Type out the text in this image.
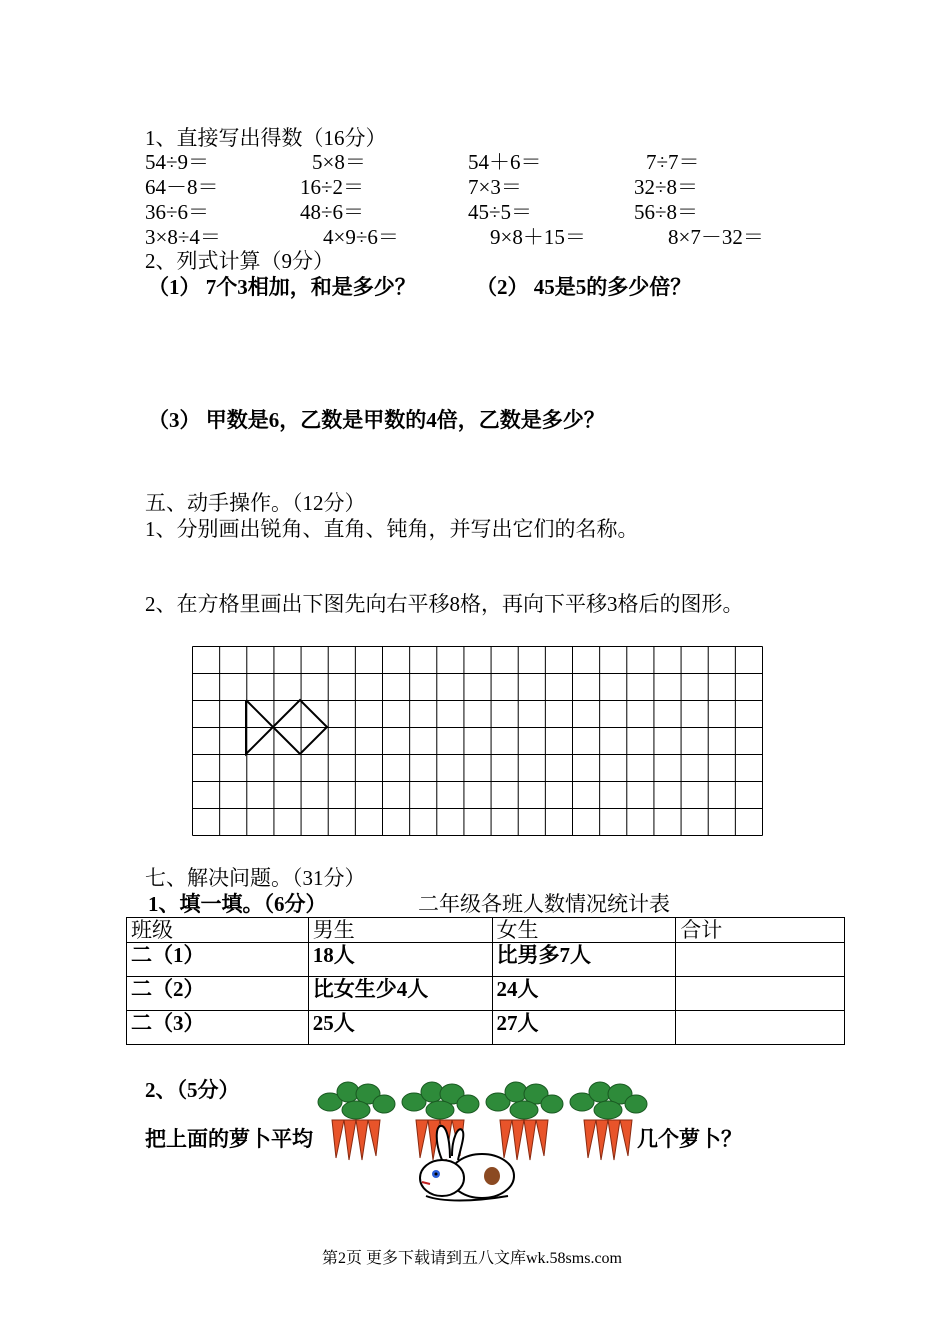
1、直接写出得数（16分）
54÷9＝	5×8＝	54＋6＝	7÷7＝
64－8＝	16÷2＝	7×3＝	32÷8＝
36÷6＝	48÷6＝	45÷5＝	56÷8＝
3×8÷4＝	4×9÷6＝	9×8＋15＝	8×7－32＝
2、列式计算（9分）
（1） 7个3相加，和是多少？	（2） 45是5的多少倍？
（3） 甲数是6，乙数是甲数的4倍，乙数是多少？
五、动手操作。（12分）
1、分别画出锐角、直角、钝角，并写出它们的名称。
2、在方格里画出下图先向右平移8格，再向下平移3格后的图形。
七、解决问题。（31分）
1、填一填。（6分）	二年级各班人数情况统计表
班级	男生	女生	合计
二（1）	18人	比男多7人	
二（2）	比女生少4人	24人	
二（3）	25人	27人	
2、（5分）
把上面的萝卜平均	几个萝卜？
第2页 更多下载请到五八文库wk.58sms.com
